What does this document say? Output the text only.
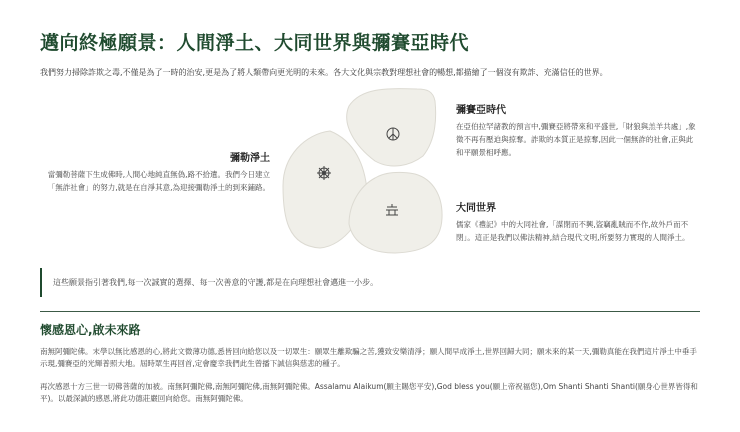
邁向終極願景：人間淨土、大同世界與彌賽亞時代
我們努力掃除詐欺之毒,不僅是為了一時的治安,更是為了將人類帶向更光明的未來。各大文化與宗教對理想社會的暢想,都描繪了一個沒有欺詐、充滿信任的世界。
彌勒淨土
當彌勒菩薩下生成佛時,人間心地純直無偽,路不拾遺。我們今日建立
「無詐社會」的努力,就是在自淨其意,為迎接彌勒淨土的到來鋪路。
彌賽亞時代
在亞伯拉罕諸教的預言中,彌賽亞將帶來和平盛世,「財狼與羔羊共處」,象
徵不再有壓迫與掠奪。詐欺的本質正是掠奪,因此一個無詐的社會,正與此
和平願景相呼應。
大同世界
儒家《禮記》中的大同社會,「謀閉而不興,盜竊亂賊而不作,故外戶而不
閉」。這正是我們以佛法精神,結合現代文明,所要努力實現的人間淨土。
這些願景指引著我們,每一次誠實的選擇、每一次善意的守護,都是在向理想社會邁進一小步。
懷感恩心,啟未來路
南無阿彌陀佛。末學以無比感恩的心,將此文微薄功德,悉皆回向給您以及一切眾生：願眾生離欺騙之苦,獲致安樂清淨；願人間早成淨土,世界回歸大同；願未來的某一天,彌勒真能在我們這片淨土中垂手
示現,彌賽亞的光輝普照大地。屆時眾生再回首,定會慶幸我們此生曾播下誠信與慈悲的種子。
再次感恩十方三世一切佛菩薩的加被。南無阿彌陀佛,南無阿彌陀佛,南無阿彌陀佛。Assalamu Alaikum(願主賜您平安),God bless you(願上帝祝福您),Om Shanti Shanti Shanti(願身心世界皆得和
平)。以最深誠的感恩,將此功德莊嚴回向給您。南無阿彌陀佛。
